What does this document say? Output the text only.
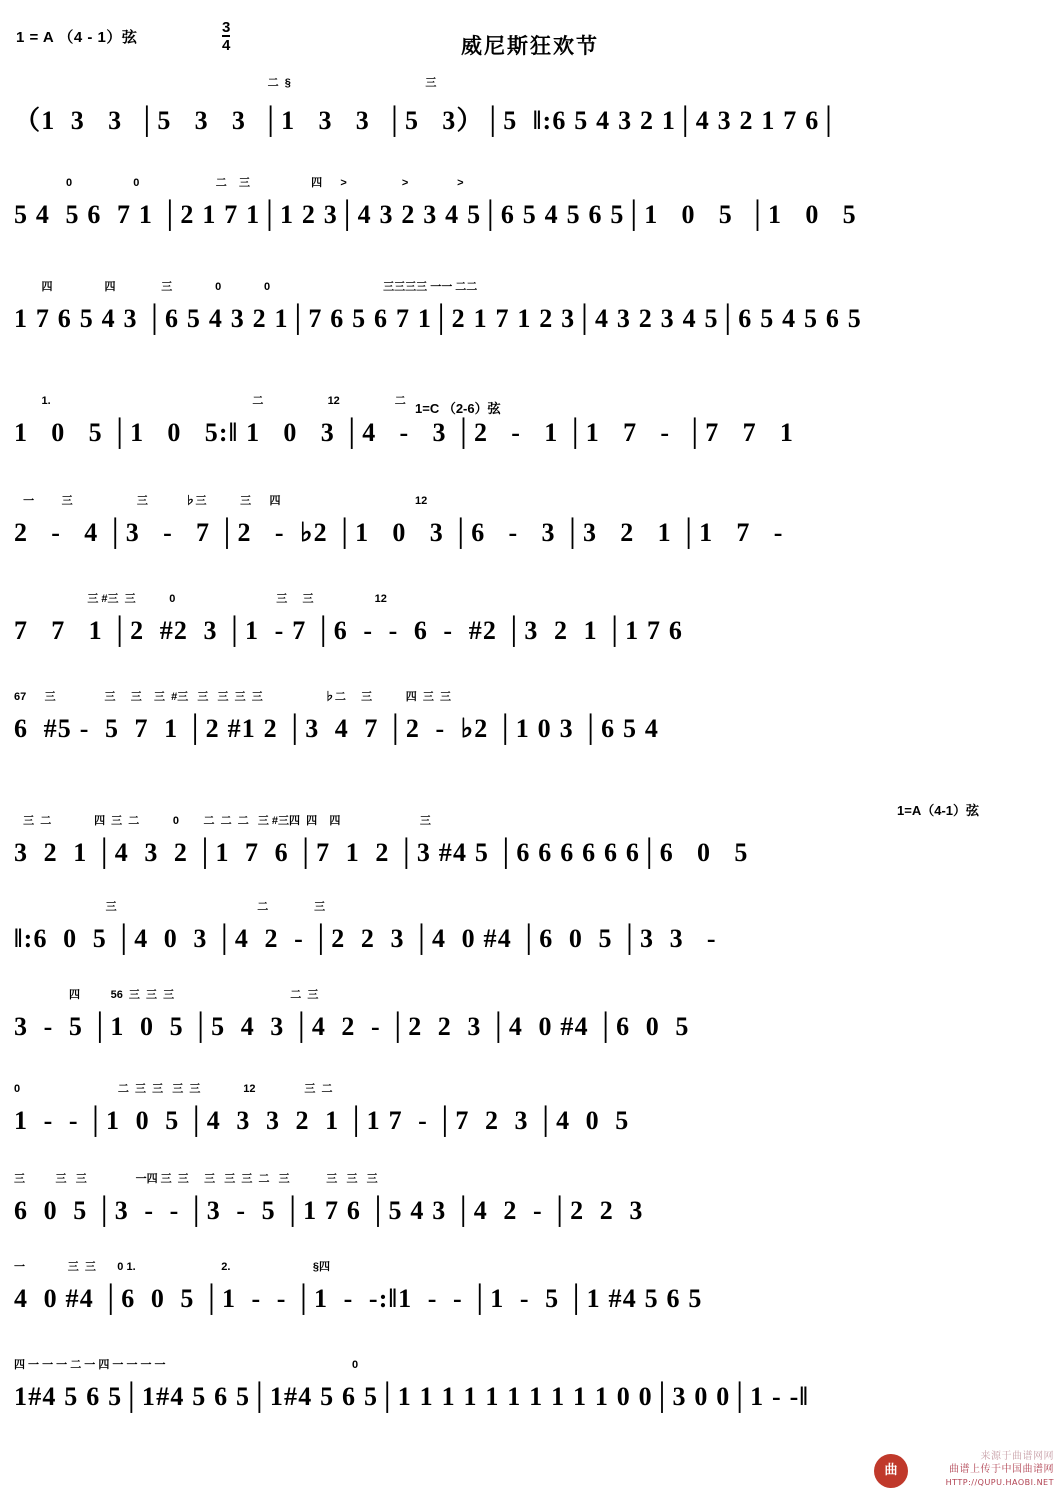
1 = A （4 - 1）弦	$\frac{3}{4}$	威尼斯狂欢节

二  §                                            三

（1  3   3  │5   3   3  │1   3   3  │5   3）│5  ‖:6 5 4 3 2 1│4 3 2 1 7 6│

0                    0                         二    三                    四      >                  >                >

5 4  5 6  7 1 │2 1 7 1│1 2 3│4 3 2 3 4 5│6 5 4 5 6 5│1   0   5  │1   0   5

四                 四               三              0              0                                     三三三三 一一 二二

1 7 6 5 4 3 │6 5 4 3 2 1│7 6 5 6 7 1│2 1 7 1 2 3│4 3 2 3 4 5│6 5 4 5 6 5

1.                                                                  二                     12                  二

1   0   5 │1   0   5:‖ 1   0   3 │4   -   3 │2   -   1 │1   7   -  │7   7   1

一         三                     三            ♭三           三      四                                            12

2   -   4 │3   -   7 │2   -  ♭2 │1   0   3 │6   -   3 │3   2   1 │1   7   -

三 #三  三           0                                 三     三                    12

7   7   1 │2  #2  3 │1  - 7 │6  -  -  6  -  #2 │3  2  1 │1 7 6

67      三                三     三    三  #三   三   三  三  三                    ♭二     三           四  三  三

6  #5 -  5  7  1 │2 #1 2 │3  4  7 │2  -  ♭2 │1 0 3 │6 5 4

三  二              四  三  二           0        二  二  二   三 #三四  四    四                          三

3  2  1 │4  3  2 │1  7  6 │7  1  2 │3 #4 5 │6 6 6 6 6 6│6   0   5

三                                              二               三

‖:6  0  5 │4  0  3 │4  2  - │2  2  3 │4  0 #4 │6  0  5 │3  3   -

四          56  三  三  三                                      二  三

3  -  5 │1  0  5 │5  4  3 │4  2  - │2  2  3 │4  0 #4 │6  0  5

0                                二  三  三   三  三              12                三  二

1  -  - │1  0  5 │4  3  3  2  1 │1 7  - │7  2  3 │4  0  5

三          三   三                一四 三  三     三   三  三  二   三            三   三   三

6  0  5 │3  -  - │3  -  5 │1 7 6 │5 4 3 │4  2  - │2  2  3

一              三  三       0 1.                            2.                           §四

4  0 #4 │6  0  5 │1  -  - │1  -  -:‖1  -  - │1  -  5 │1 #4 5 6 5

四 一 一 一 二 一 四 一 一 一 一                                                             0

1#4 5 6 5│1#4 5 6 5│1#4 5 6 5│1 1 1 1 1 1 1 1 1 1 0 0│3 0 0│1 - -‖

1=C （2-6）弦
1=A（4-1）弦
曲
来源于曲谱网网
曲谱上传于中国曲谱网
HTTP://QUPU.HAOBI.NET
